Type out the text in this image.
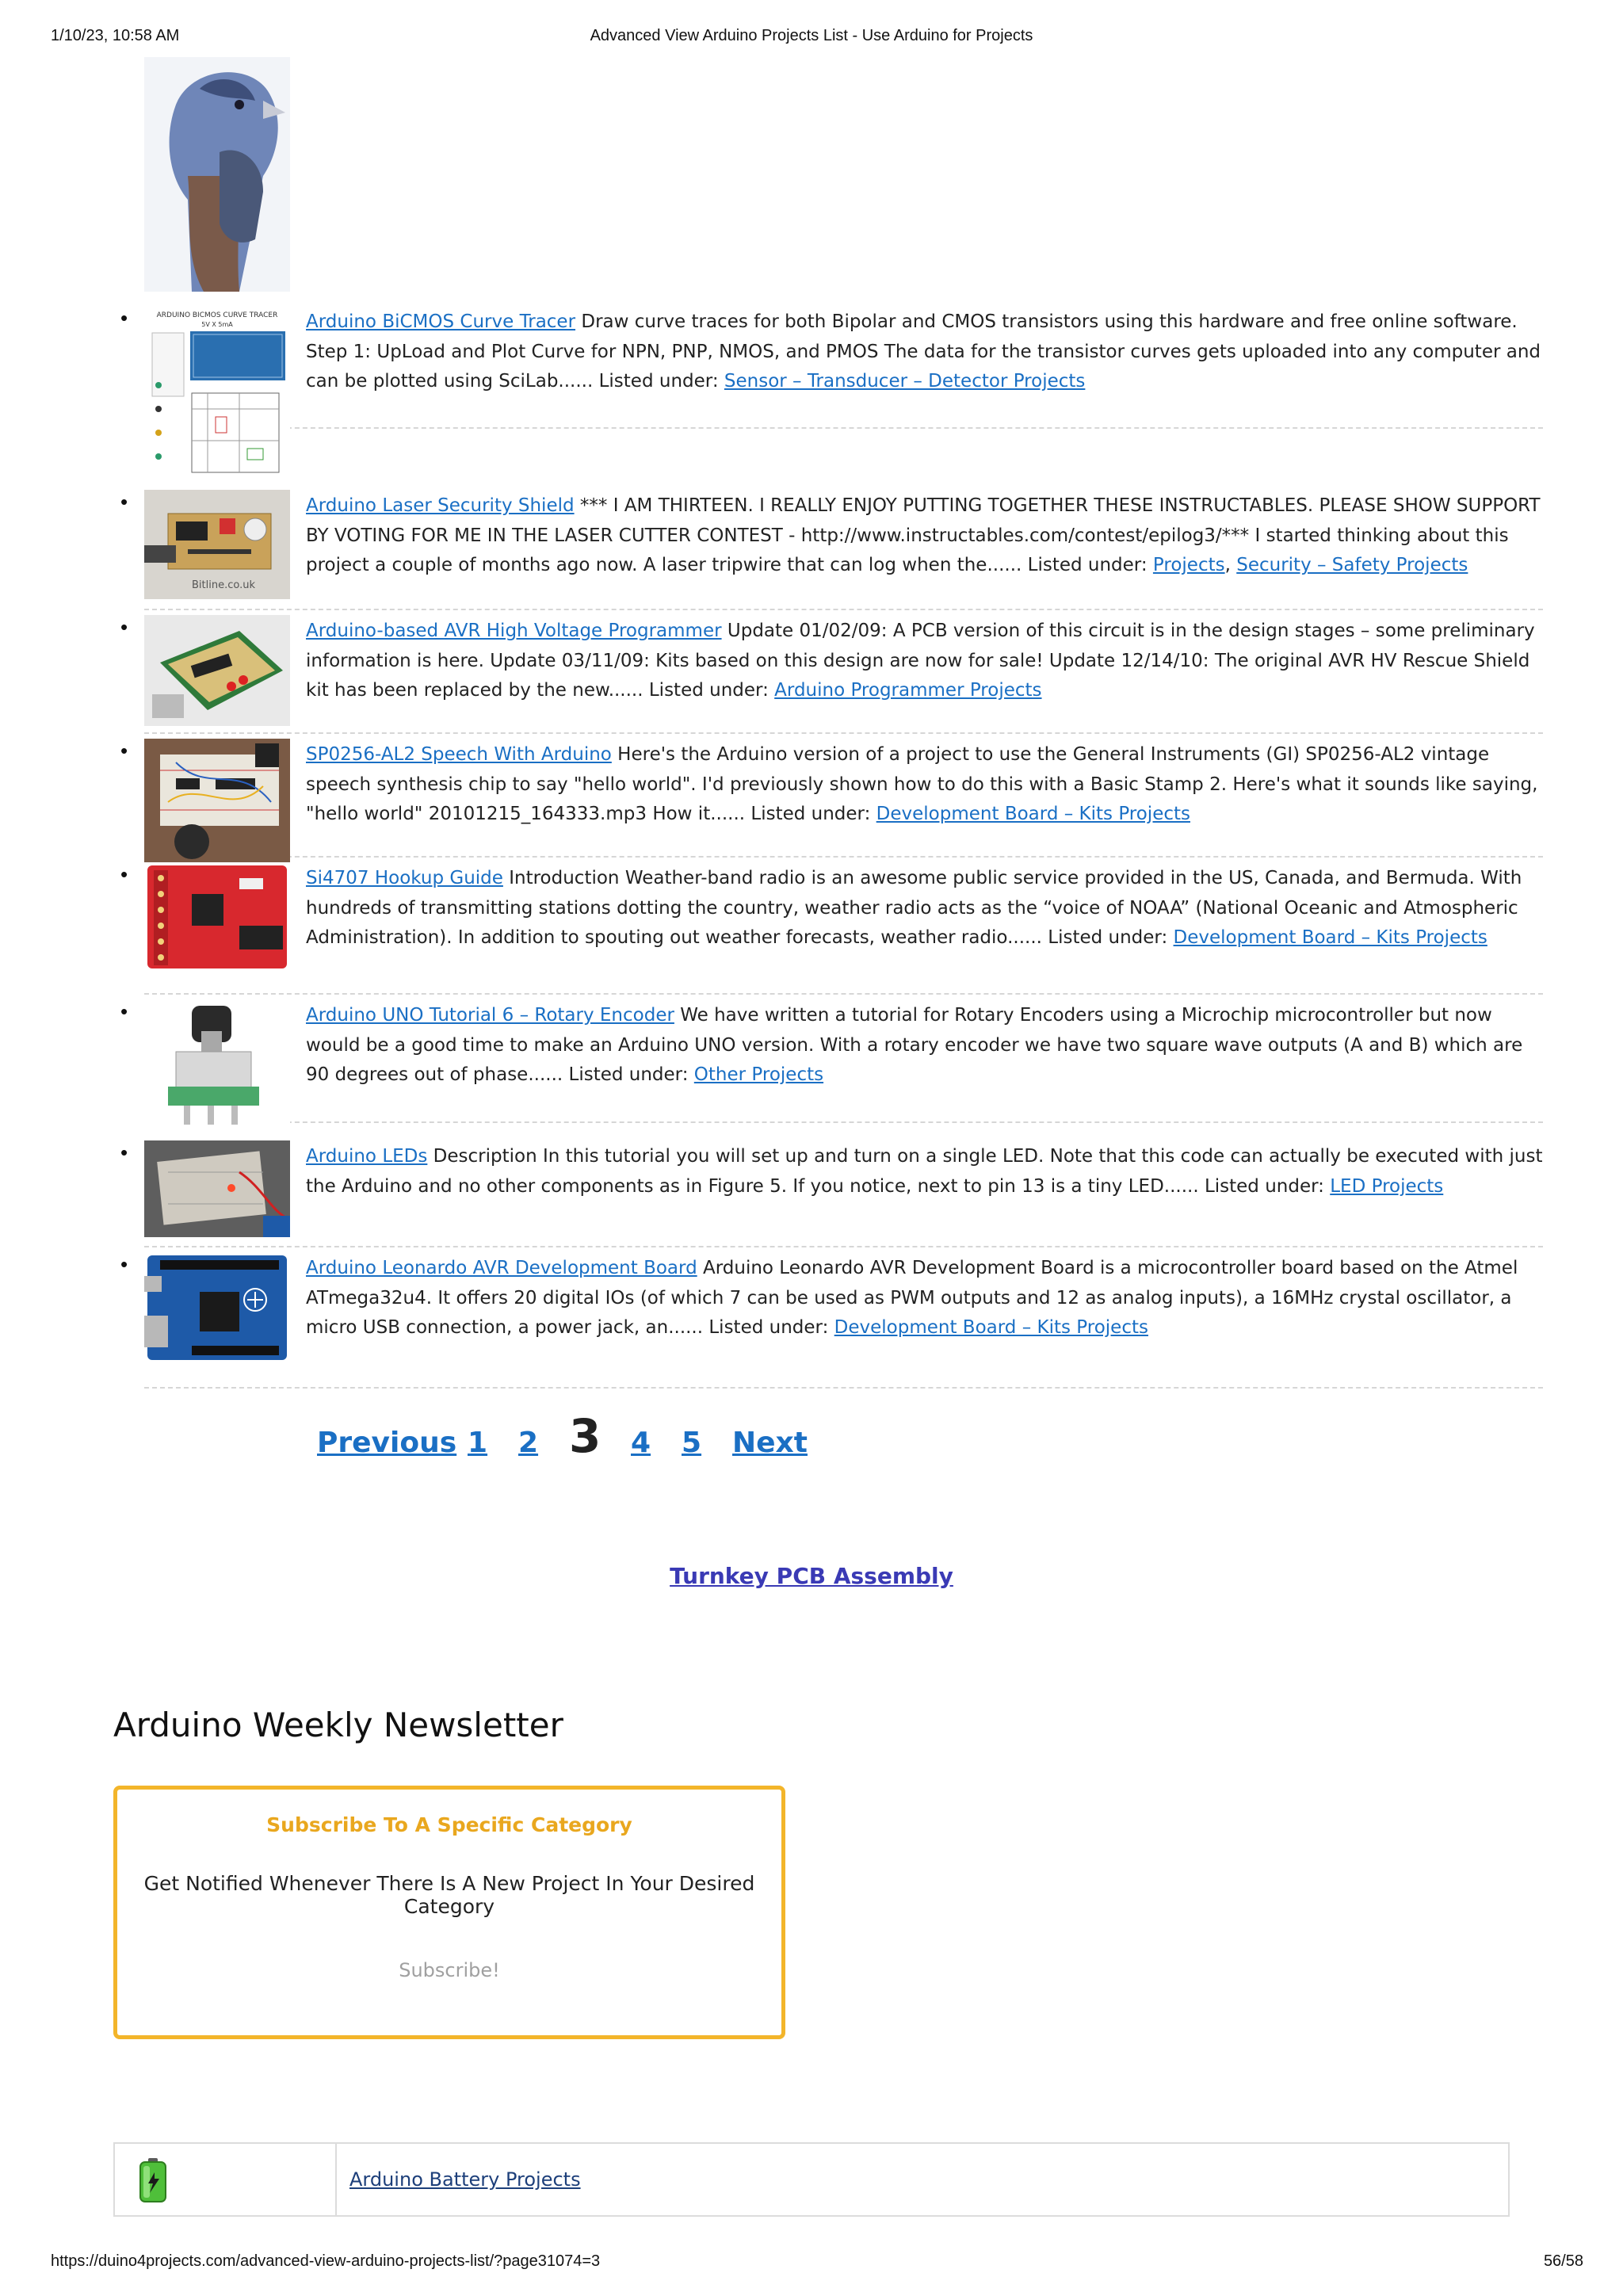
1/10/23, 10:58 AM	Advanced View Arduino Projects List - Use Arduino for Projects
•	ARDUINO BICMOS CURVE TRACER
5V X 5mA	Arduino BiCMOS Curve Tracer Draw curve traces for both Bipolar and CMOS transistors using this hardware and free online software. Step 1: UpLoad and Plot Curve for NPN, PNP, NMOS, and PMOS The data for the transistor curves gets uploaded into any computer and can be plotted using SciLab...... Listed under: Sensor – Transducer – Detector Projects
•
Bitline.co.uk
Arduino Laser Security Shield *** I AM THIRTEEN. I REALLY ENJOY PUTTING TOGETHER THESE INSTRUCTABLES. PLEASE SHOW SUPPORT BY VOTING FOR ME IN THE LASER CUTTER CONTEST - http://www.instructables.com/contest/epilog3/*** I started thinking about this project a couple of months ago now. A laser tripwire that can log when the...... Listed under: Projects, Security – Safety Projects
•	Arduino-based AVR High Voltage Programmer Update 01/02/09: A PCB version of this circuit is in the design stages – some preliminary information is here. Update 03/11/09: Kits based on this design are now for sale! Update 12/14/10: The original AVR HV Rescue Shield kit has been replaced by the new...... Listed under: Arduino Programmer Projects
•	SP0256-AL2 Speech With Arduino Here's the Arduino version of a project to use the General Instruments (GI) SP0256-AL2 vintage speech synthesis chip to say "hello world". I'd previously shown how to do this with a Basic Stamp 2. Here's what it sounds like saying, "hello world" 20101215_164333.mp3 How it...... Listed under: Development Board – Kits Projects
•	Si4707 Hookup Guide Introduction Weather-band radio is an awesome public service provided in the US, Canada, and Bermuda. With hundreds of transmitting stations dotting the country, weather radio acts as the “voice of NOAA” (National Oceanic and Atmospheric Administration). In addition to spouting out weather forecasts, weather radio...... Listed under: Development Board – Kits Projects
•	Arduino UNO Tutorial 6 – Rotary Encoder We have written a tutorial for Rotary Encoders using a Microchip microcontroller but now would be a good time to make an Arduino UNO version. With a rotary encoder we have two square wave outputs (A and B) which are 90 degrees out of phase...... Listed under: Other Projects
•	Arduino LEDs Description In this tutorial you will set up and turn on a single LED. Note that this code can actually be executed with just the Arduino and no other components as in Figure 5. If you notice, next to pin 13 is a tiny LED...... Listed under: LED Projects
•	Arduino Leonardo AVR Development Board Arduino Leonardo AVR Development Board is a microcontroller board based on the Atmel ATmega32u4. It offers 20 digital IOs (of which 7 can be used as PWM outputs and 12 as analog inputs), a 16MHz crystal oscillator, a micro USB connection, a power jack, an...... Listed under: Development Board – Kits Projects
Previous 1 2 3 4 5 Next
Turnkey PCB Assembly
Arduino Weekly Newsletter
Subscribe To A Specific Category
Get Notified Whenever There Is A New Project In Your Desired Category
Subscribe!
Arduino Battery Projects
https://duino4projects.com/advanced-view-arduino-projects-list/?page31074=3	56/58
